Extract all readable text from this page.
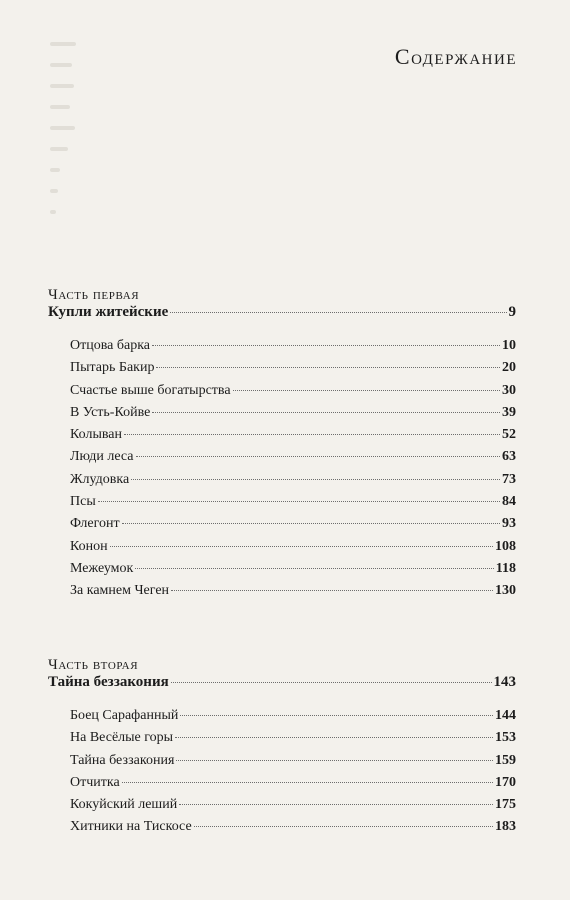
Содержание
Часть первая
Купли житейские	9
Отцова барка	10
Пытарь Бакир	20
Счастье выше богатырства	30
В Усть-Койве	39
Колыван	52
Люди леса	63
Жлудовка	73
Псы	84
Флегонт	93
Конон	108
Межеумок	118
За камнем Чеген	130
Часть вторая
Тайна беззакония	143
Боец Сарафанный	144
На Весёлые горы	153
Тайна беззакония	159
Отчитка	170
Кокуйский леший	175
Хитники на Тискосе	183
